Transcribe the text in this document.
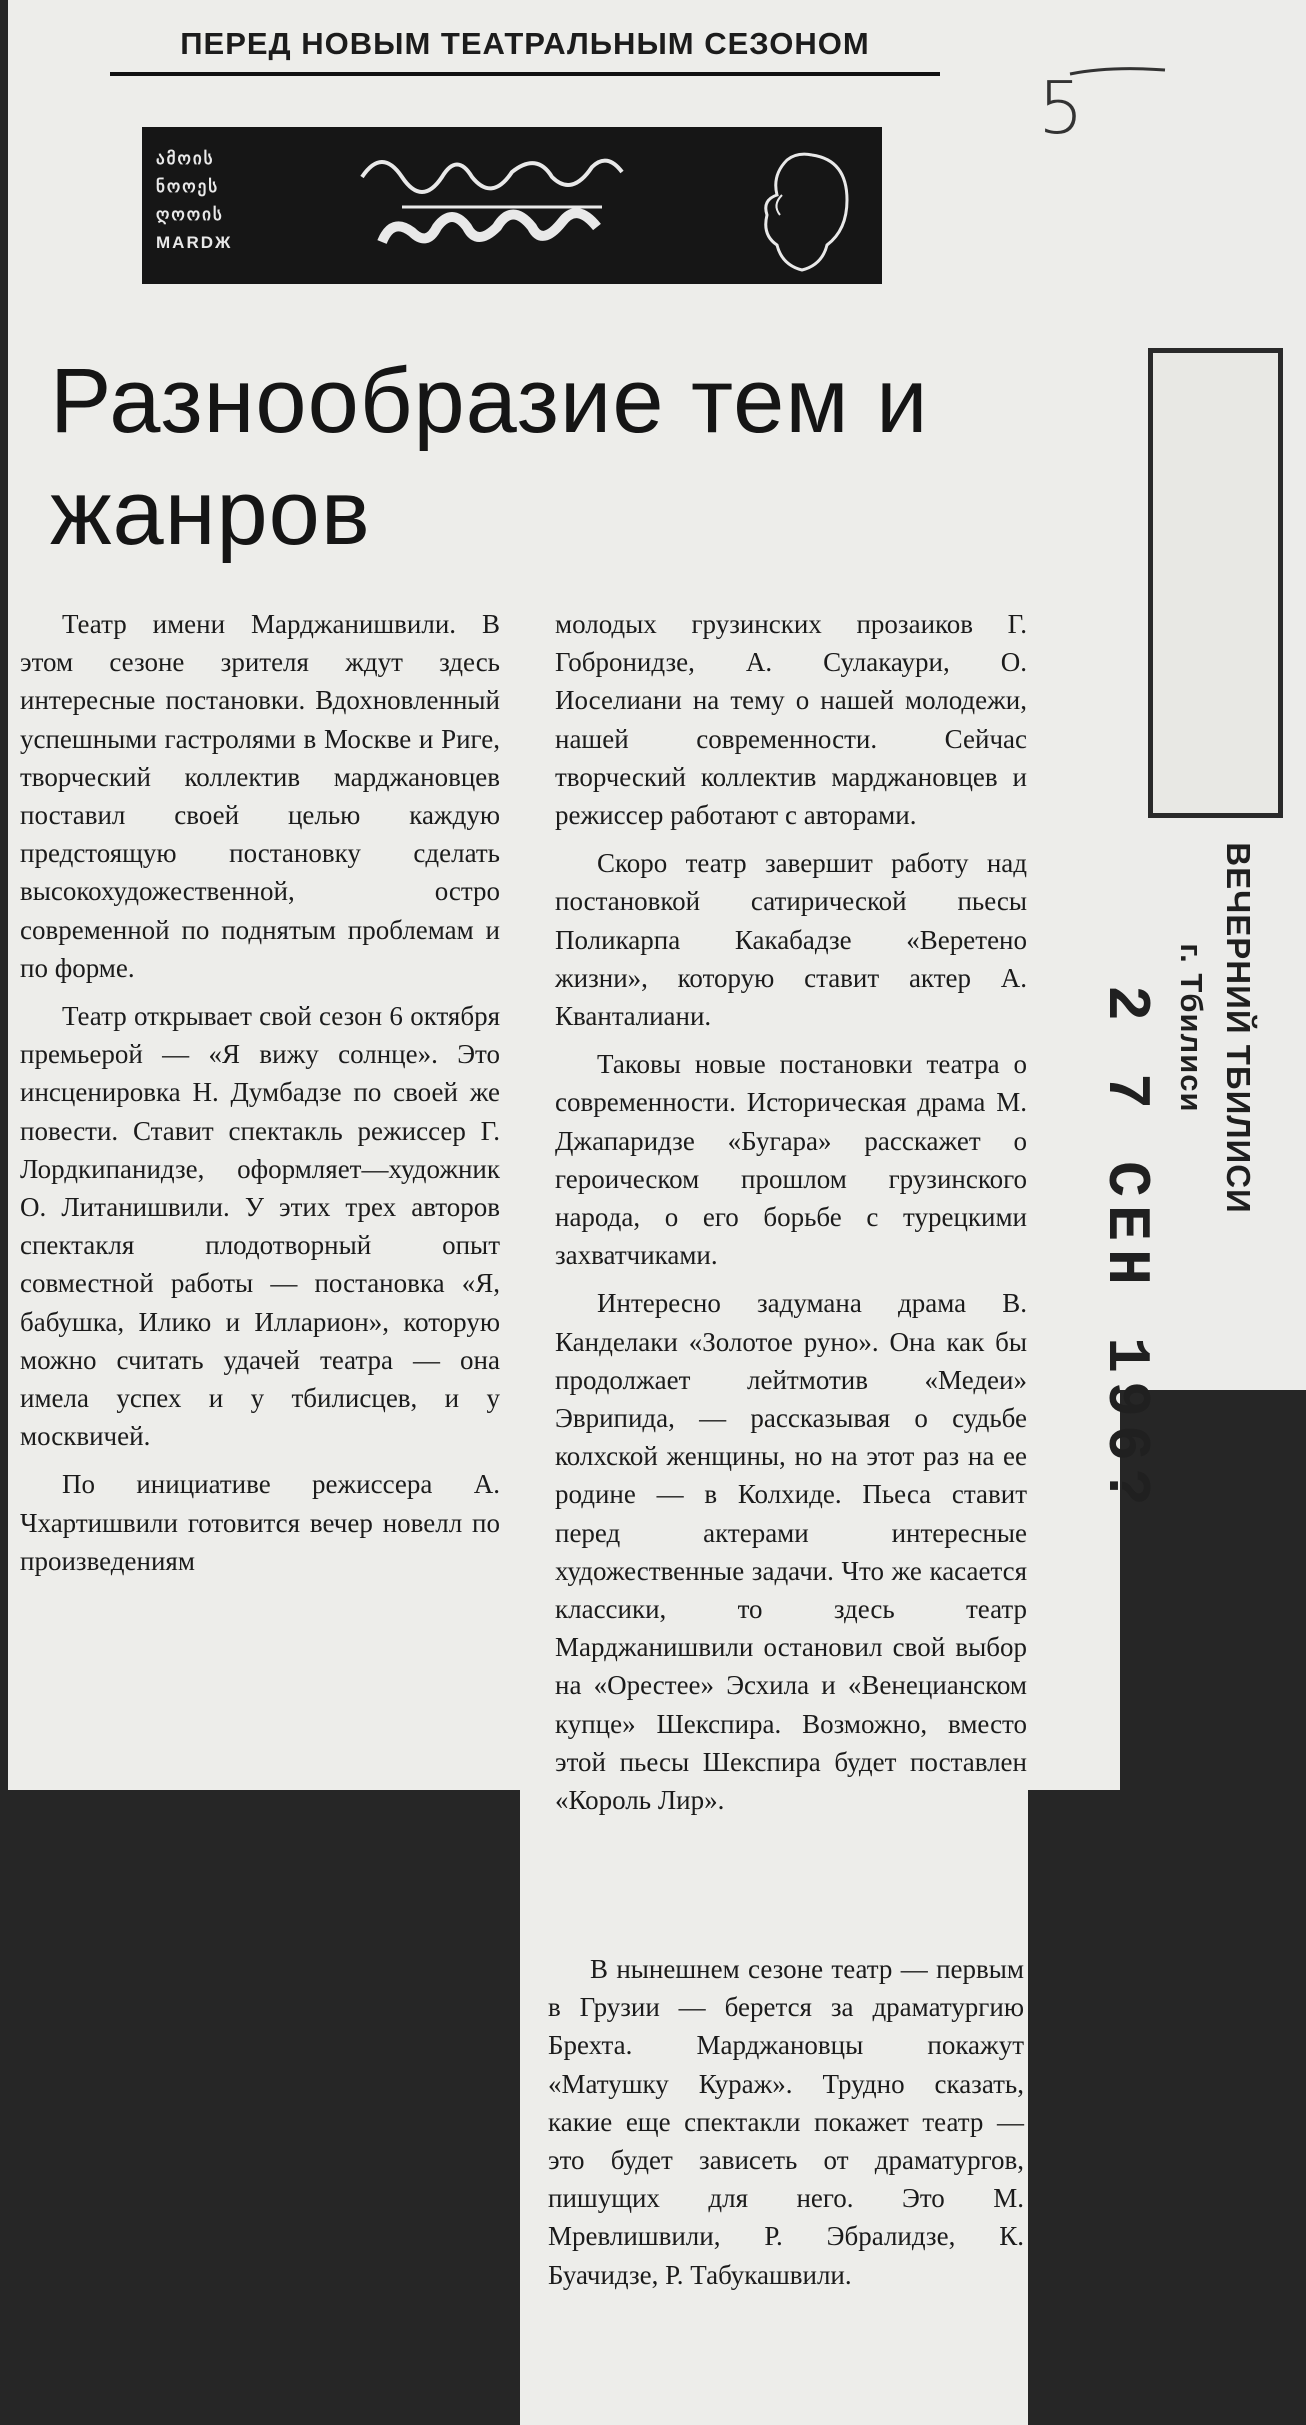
ПЕРЕД НОВЫМ ТЕАТРАЛЬНЫМ СЕЗОНОМ
ამოის
ნოოეს
ღოოის
MARDЖ
Разнообразие тем и жанров
5
ВЕЧЕРНИЙ ТБИЛИСИ
г. Тбилиси
2 7 СЕН 196?

Театр имени Марджанишвили. В этом сезоне зрителя ждут здесь интересные постановки. Вдохновленный успешными гастролями в Москве и Риге, творческий коллектив марджановцев поставил своей целью каждую предстоящую постановку сделать высокохудожественной, остро современной по поднятым проблемам и по форме.

Театр открывает свой сезон 6 октября премьерой — «Я вижу солнце». Это инсценировка Н. Думбадзе по своей же повести. Ставит спектакль режиссер Г. Лордкипанидзе, оформляет—художник О. Литанишвили. У этих трех авторов спектакля плодотворный опыт совместной работы — постановка «Я, бабушка, Илико и Илларион», которую можно считать удачей театра — она имела успех и у тбилисцев, и у москвичей.

По инициативе режиссера А. Чхартишвили готовится вечер новелл по произведениям

молодых грузинских прозаиков Г. Гобронидзе, А. Сулакаури, О. Иоселиани на тему о нашей молодежи, нашей современности. Сейчас творческий коллектив марджановцев и режиссер работают с авторами.

Скоро театр завершит работу над постановкой сатирической пьесы Поликарпа Какабадзе «Веретено жизни», которую ставит актер А. Квантaлиани.

Таковы новые постановки театра о современности. Историческая драма М. Джапаридзе «Бугара» расскажет о героическом прошлом грузинского народа, о его борьбе с турецкими захватчиками.

Интересно задумана драма В. Канделаки «Золотое руно». Она как бы продолжает лейтмотив «Медеи» Эврипида, — рассказывая о судьбе колхской женщины, но на этот раз на ее родине — в Колхиде. Пьеса ставит перед актерами интересные художественные задачи. Что же касается классики, то здесь театр Марджанишвили остановил свой выбор на «Орестее» Эсхила и «Венецианском купце» Шекспира. Возможно, вместо этой пьесы Шекспира будет поставлен «Король Лир».

В нынешнем сезоне театр — первым в Грузии — берется за драматургию Брехта. Марджановцы покажут «Матушку Кураж». Трудно сказать, какие еще спектакли покажет театр — это будет зависеть от драматургов, пишущих для него. Это М. Мревлишвили, Р. Эбралидзе, К. Буачидзе, Р. Табукашвили.
